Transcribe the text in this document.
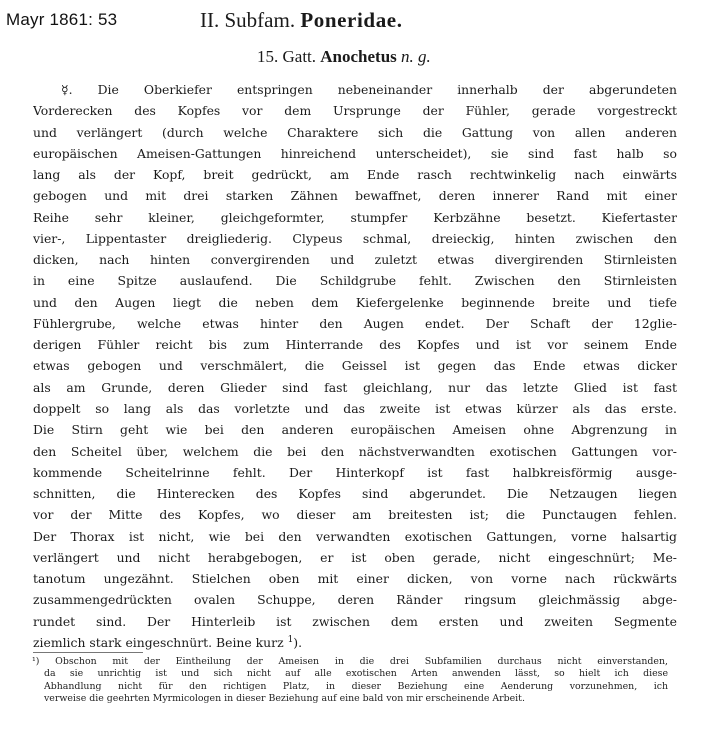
Mayr 1861: 53	II. Subfam. Poneridae.
15. Gatt. Anochetus n. g.
☿. Die Oberkiefer entspringen nebeneinander innerhalb der abgerundeten
Vorderecken des Kopfes vor dem Ursprunge der Fühler, gerade vorgestreckt
und verlängert (durch welche Charaktere sich die Gattung von allen anderen
europäischen Ameisen-Gattungen hinreichend unterscheidet), sie sind fast halb so
lang als der Kopf, breit gedrückt, am Ende rasch rechtwinkelig nach einwärts
gebogen und mit drei starken Zähnen bewaffnet, deren innerer Rand mit einer
Reihe sehr kleiner, gleichgeformter, stumpfer Kerbzähne besetzt. Kiefertaster
vier-, Lippentaster dreigliederig. Clypeus schmal, dreieckig, hinten zwischen den
dicken, nach hinten convergirenden und zuletzt etwas divergirenden Stirnleisten
in eine Spitze auslaufend. Die Schildgrube fehlt. Zwischen den Stirnleisten
und den Augen liegt die neben dem Kiefergelenke beginnende breite und tiefe
Fühlergrube, welche etwas hinter den Augen endet. Der Schaft der 12glie-
derigen Fühler reicht bis zum Hinterrande des Kopfes und ist vor seinem Ende
etwas gebogen und verschmälert, die Geissel ist gegen das Ende etwas dicker
als am Grunde, deren Glieder sind fast gleichlang, nur das letzte Glied ist fast
doppelt so lang als das vorletzte und das zweite ist etwas kürzer als das erste.
Die Stirn geht wie bei den anderen europäischen Ameisen ohne Abgrenzung in
den Scheitel über, welchem die bei den nächstverwandten exotischen Gattungen vor-
kommende Scheitelrinne fehlt. Der Hinterkopf ist fast halbkreisförmig ausge-
schnitten, die Hinterecken des Kopfes sind abgerundet. Die Netzaugen liegen
vor der Mitte des Kopfes, wo dieser am breitesten ist; die Punctaugen fehlen.
Der Thorax ist nicht, wie bei den verwandten exotischen Gattungen, vorne halsartig
verlängert und nicht herabgebogen, er ist oben gerade, nicht eingeschnürt; Me-
tanotum ungezähnt. Stielchen oben mit einer dicken, von vorne nach rückwärts
zusammengedrückten ovalen Schuppe, deren Ränder ringsum gleichmässig abge-
rundet sind. Der Hinterleib ist zwischen dem ersten und zweiten Segmente
ziemlich stark eingeschnürt. Beine kurz $^1$).
¹) Obschon mit der Eintheilung der Ameisen in die drei Subfamilien durchaus nicht einverstanden,
da sie unrichtig ist und sich nicht auf alle exotischen Arten anwenden lässt, so hielt ich diese
Abhandlung nicht für den richtigen Platz, in dieser Beziehung eine Aenderung vorzunehmen, ich
verweise die geehrten Myrmicologen in dieser Beziehung auf eine bald von mir erscheinende Arbeit.
